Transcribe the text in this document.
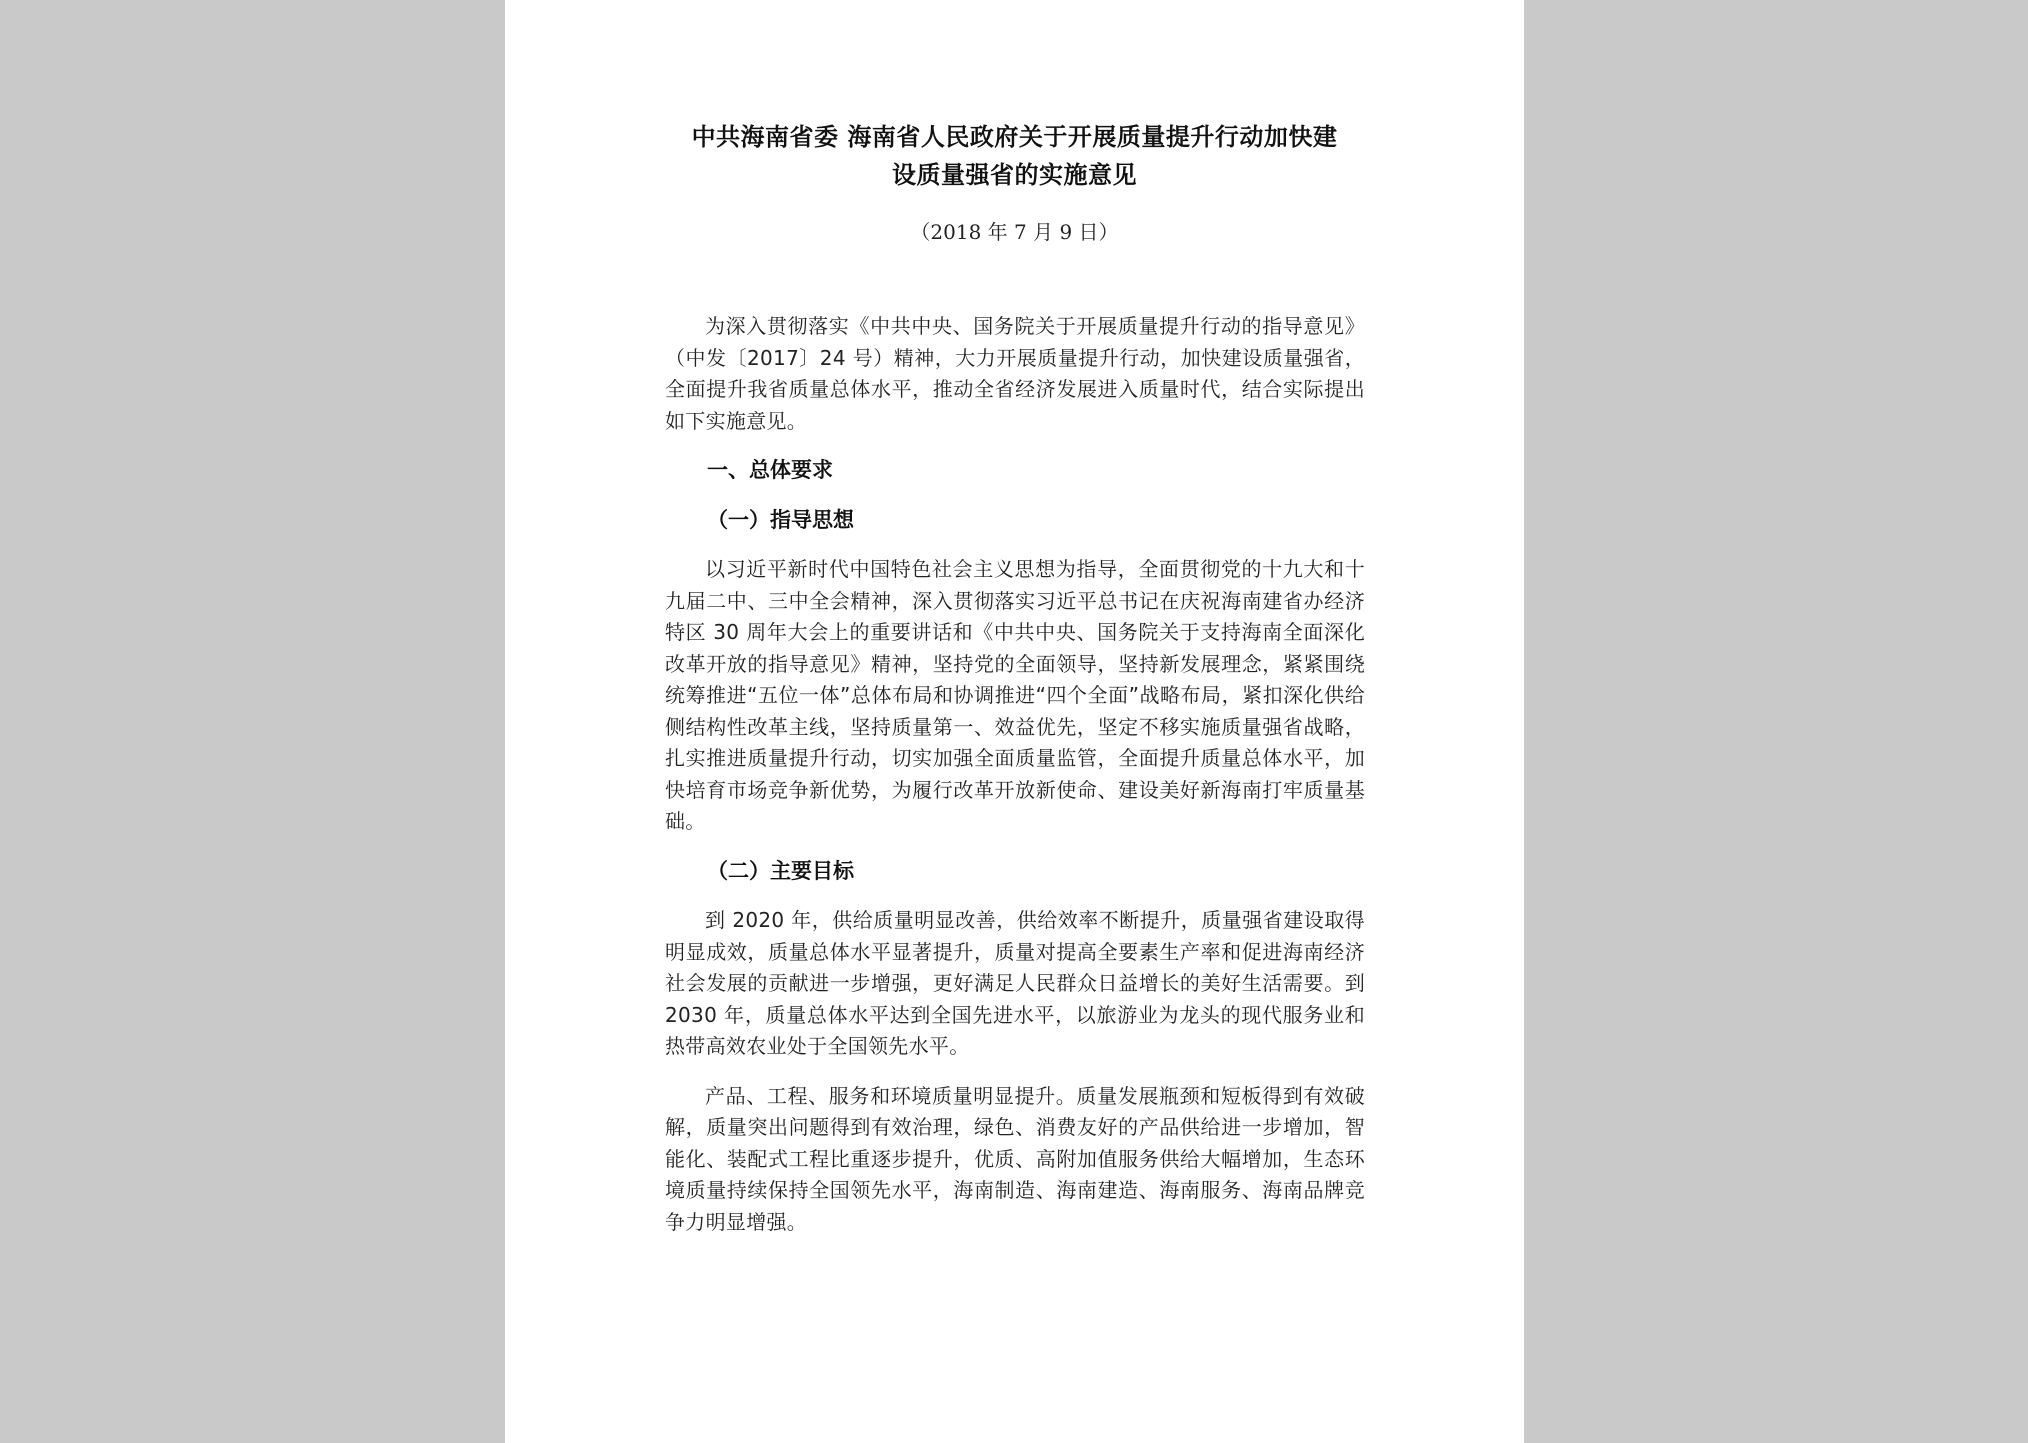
中共海南省委 海南省人民政府关于开展质量提升行动加快建

设质量强省的实施意见

（2018 年 7 月 9 日）

为深入贯彻落实《中共中央、国务院关于开展质量提升行动的指导意见》（中发〔2017〕24 号）精神，大力开展质量提升行动，加快建设质量强省，全面提升我省质量总体水平，推动全省经济发展进入质量时代，结合实际提出如下实施意见。

一、总体要求

（一）指导思想

以习近平新时代中国特色社会主义思想为指导，全面贯彻党的十九大和十九届二中、三中全会精神，深入贯彻落实习近平总书记在庆祝海南建省办经济特区 30 周年大会上的重要讲话和《中共中央、国务院关于支持海南全面深化改革开放的指导意见》精神，坚持党的全面领导，坚持新发展理念，紧紧围绕统筹推进“五位一体”总体布局和协调推进“四个全面”战略布局，紧扣深化供给侧结构性改革主线，坚持质量第一、效益优先，坚定不移实施质量强省战略，扎实推进质量提升行动，切实加强全面质量监管，全面提升质量总体水平，加快培育市场竞争新优势，为履行改革开放新使命、建设美好新海南打牢质量基础。

（二）主要目标

到 2020 年，供给质量明显改善，供给效率不断提升，质量强省建设取得明显成效，质量总体水平显著提升，质量对提高全要素生产率和促进海南经济社会发展的贡献进一步增强，更好满足人民群众日益增长的美好生活需要。到 2030 年，质量总体水平达到全国先进水平，以旅游业为龙头的现代服务业和热带高效农业处于全国领先水平。

产品、工程、服务和环境质量明显提升。质量发展瓶颈和短板得到有效破解，质量突出问题得到有效治理，绿色、消费友好的产品供给进一步增加，智能化、装配式工程比重逐步提升，优质、高附加值服务供给大幅增加，生态环境质量持续保持全国领先水平，海南制造、海南建造、海南服务、海南品牌竞争力明显增强。
